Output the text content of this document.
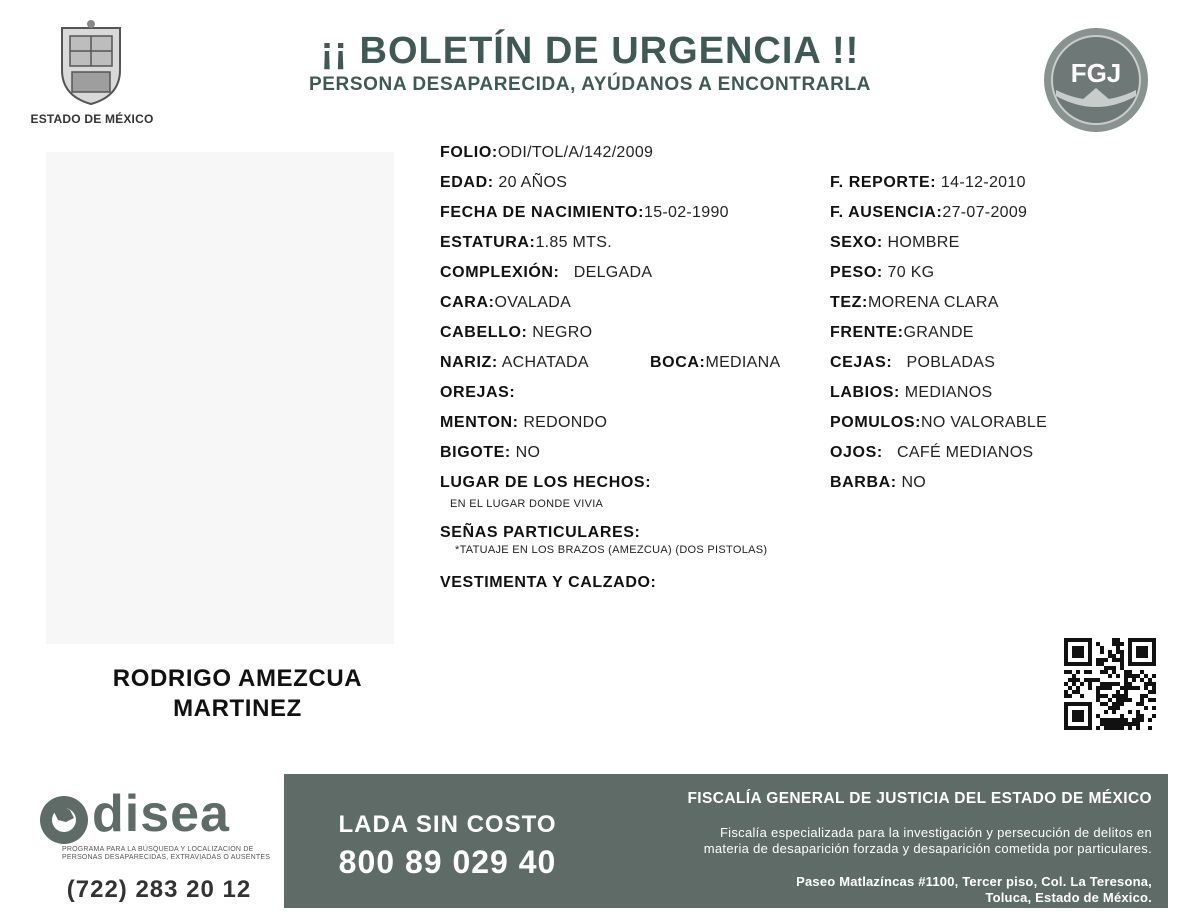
ESTADO DE MÉXICO
¡¡ BOLETÍN DE URGENCIA !!
PERSONA DESAPARECIDA, AYÚDANOS A ENCONTRARLA	FGJ
RODRIGO AMEZCUA
MARTINEZ
FOLIO:ODI/TOL/A/142/2009
EDAD: 20 AÑOS
FECHA DE NACIMIENTO:15-02-1990
ESTATURA:1.85 MTS.
COMPLEXIÓN: DELGADA
CARA:OVALADA
CABELLO: NEGRO
NARIZ: ACHATADA	BOCA:MEDIANA
OREJAS:
MENTON: REDONDO
BIGOTE: NO
LUGAR DE LOS HECHOS:
EN EL LUGAR DONDE VIVIA
SEÑAS PARTICULARES:
*TATUAJE EN LOS BRAZOS (AMEZCUA) (DOS PISTOLAS)
VESTIMENTA Y CALZADO:
F. REPORTE: 14-12-2010
F. AUSENCIA:27-07-2009
SEXO: HOMBRE
PESO: 70 KG
TEZ:MORENA CLARA
FRENTE:GRANDE
CEJAS: POBLADAS
LABIOS: MEDIANOS
POMULOS:NO VALORABLE
OJOS: CAFÉ MEDIANOS
BARBA: NO
disea
PROGRAMA PARA LA BÚSQUEDA Y LOCALIZACIÓN DE PERSONAS DESAPARECIDAS, EXTRAVIADAS O AUSENTES
(722) 283 20 12
LADA SIN COSTO
800 89 029 40
FISCALÍA GENERAL DE JUSTICIA DEL ESTADO DE MÉXICO
Fiscalía especializada para la investigación y persecución de delitos en
materia de desaparición forzada y desaparición cometida por particulares.
Paseo Matlazíncas #1100, Tercer piso, Col. La Teresona,
Toluca, Estado de México.
